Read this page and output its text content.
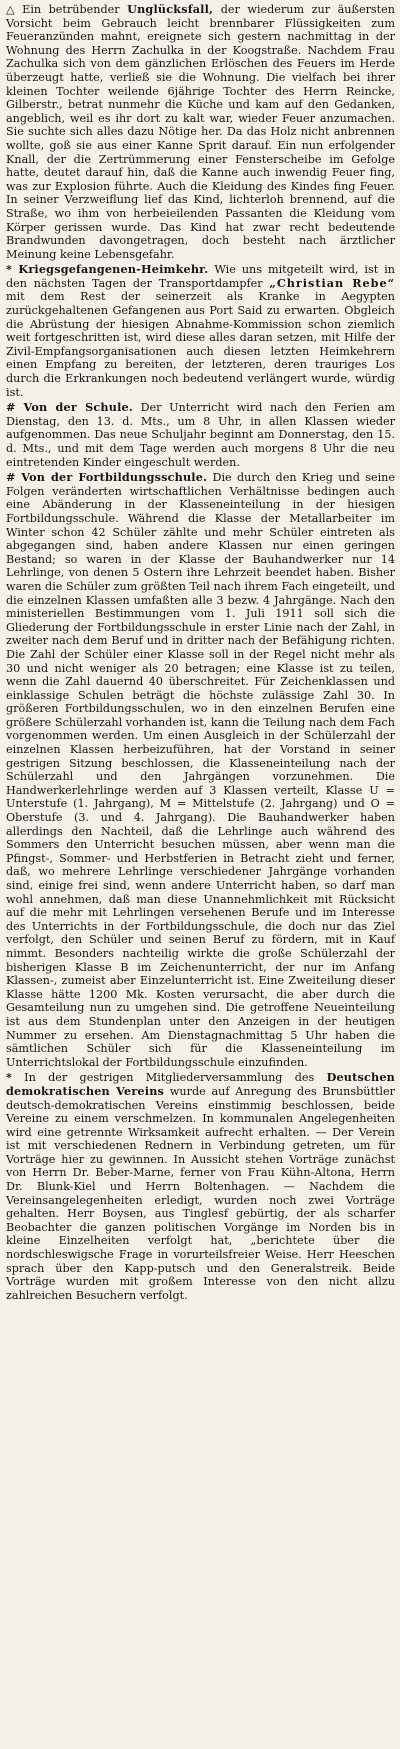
△ Ein betrübender Unglücksfall, der wiederum zur äußersten Vorsicht beim Gebrauch leicht brennbarer Flüssigkeiten zum Feueranzünden mahnt, ereignete sich gestern nachmittag in der Wohnung des Herrn Zachulka in der Koogstraße. Nachdem Frau Zachulka sich von dem gänzlichen Erlöschen des Feuers im Herde überzeugt hatte, verließ sie die Wohnung. Die vielfach bei ihrer kleinen Tochter weilende 6jährige Tochter des Herrn Reincke, Gilberstr., betrat nunmehr die Küche und kam auf den Gedanken, angeblich, weil es ihr dort zu kalt war, wieder Feuer anzumachen. Sie suchte sich alles dazu Nötige her. Da das Holz nicht anbrennen wollte, goß sie aus einer Kanne Sprit darauf. Ein nun erfolgender Knall, der die Zertrümmerung einer Fensterscheibe im Gefolge hatte, deutet darauf hin, daß die Kanne auch inwendig Feuer fing, was zur Explosion führte. Auch die Kleidung des Kindes fing Feuer. In seiner Verzweiflung lief das Kind, lichterloh brennend, auf die Straße, wo ihm von herbeieilenden Passanten die Kleidung vom Körper gerissen wurde. Das Kind hat zwar recht bedeutende Brandwunden davongetragen, doch besteht nach ärztlicher Meinung keine Lebensgefahr.

* Kriegsgefangenen-Heimkehr. Wie uns mitgeteilt wird, ist in den nächsten Tagen der Transportdampfer „Christian Rebe“ mit dem Rest der seinerzeit als Kranke in Aegypten zurückgehaltenen Gefangenen aus Port Said zu erwarten. Obgleich die Abrüstung der hiesigen Abnahme-Kommission schon ziemlich weit fortgeschritten ist, wird diese alles daran setzen, mit Hilfe der Zivil-Empfangsorganisationen auch diesen letzten Heimkehrern einen Empfang zu bereiten, der letzteren, deren trauriges Los durch die Erkrankungen noch bedeutend verlängert wurde, würdig ist.

# Von der Schule. Der Unterricht wird nach den Ferien am Dienstag, den 13. d. Mts., um 8 Uhr, in allen Klassen wieder aufgenommen. Das neue Schuljahr beginnt am Donnerstag, den 15. d. Mts., und mit dem Tage werden auch morgens 8 Uhr die neu eintretenden Kinder eingeschult werden.

# Von der Fortbildungsschule. Die durch den Krieg und seine Folgen veränderten wirtschaftlichen Verhältnisse bedingen auch eine Abänderung in der Klasseneinteilung in der hiesigen Fortbildungsschule. Während die Klasse der Metallarbeiter im Winter schon 42 Schüler zählte und mehr Schüler eintreten als abgegangen sind, haben andere Klassen nur einen geringen Bestand; so waren in der Klasse der Bauhandwerker nur 14 Lehrlinge, von denen 5 Ostern ihre Lehrzeit beendet haben. Bisher waren die Schüler zum größten Teil nach ihrem Fach eingeteilt, und die einzelnen Klassen umfaßten alle 3 bezw. 4 Jahrgänge. Nach den ministeriellen Bestimmungen vom 1. Juli 1911 soll sich die Gliederung der Fortbildungsschule in erster Linie nach der Zahl, in zweiter nach dem Beruf und in dritter nach der Befähigung richten. Die Zahl der Schüler einer Klasse soll in der Regel nicht mehr als 30 und nicht weniger als 20 betragen; eine Klasse ist zu teilen, wenn die Zahl dauernd 40 überschreitet. Für Zeichenklassen und einklassige Schulen beträgt die höchste zulässige Zahl 30. In größeren Fortbildungsschulen, wo in den einzelnen Berufen eine größere Schülerzahl vorhanden ist, kann die Teilung nach dem Fach vorgenommen werden. Um einen Ausgleich in der Schülerzahl der einzelnen Klassen herbeizuführen, hat der Vorstand in seiner gestrigen Sitzung beschlossen, die Klasseneinteilung nach der Schülerzahl und den Jahrgängen vorzunehmen. Die Handwerkerlehrlinge werden auf 3 Klassen verteilt, Klasse U = Unterstufe (1. Jahrgang), M = Mittelstufe (2. Jahrgang) und O = Oberstufe (3. und 4. Jahrgang). Die Bauhandwerker haben allerdings den Nachteil, daß die Lehrlinge auch während des Sommers den Unterricht besuchen müssen, aber wenn man die Pfingst-, Sommer- und Herbstferien in Betracht zieht und ferner, daß, wo mehrere Lehrlinge verschiedener Jahrgänge vorhanden sind, einige frei sind, wenn andere Unterricht haben, so darf man wohl annehmen, daß man diese Unannehmlichkeit mit Rücksicht auf die mehr mit Lehrlingen versehenen Berufe und im Interesse des Unterrichts in der Fortbildungsschule, die doch nur das Ziel verfolgt, den Schüler und seinen Beruf zu fördern, mit in Kauf nimmt. Besonders nachteilig wirkte die große Schülerzahl der bisherigen Klasse B im Zeichenunterricht, der nur im Anfang Klassen-, zumeist aber Einzelunterricht ist. Eine Zweiteilung dieser Klasse hätte 1200 Mk. Kosten verursacht, die aber durch die Gesamteilung nun zu umgehen sind. Die getroffene Neueinteilung ist aus dem Stundenplan unter den Anzeigen in der heutigen Nummer zu ersehen. Am Dienstagnachmittag 5 Uhr haben die sämtlichen Schüler sich für die Klasseneinteilung im Unterrichtslokal der Fortbildungsschule einzufinden.

* In der gestrigen Mitgliederversammlung des Deutschen demokratischen Vereins wurde auf Anregung des Brunsbüttler deutsch-demokratischen Vereins einstimmig beschlossen, beide Vereine zu einem verschmelzen. In kommunalen Angelegenheiten wird eine getrennte Wirksamkeit aufrecht erhalten. — Der Verein ist mit verschiedenen Rednern in Verbindung getreten, um für Vorträge hier zu gewinnen. In Aussicht stehen Vorträge zunächst von Herrn Dr. Beber-Marne, ferner von Frau Kühn-Altona, Herrn Dr. Blunk-Kiel und Herrn Boltenhagen. — Nachdem die Vereinsangelegenheiten erledigt, wurden noch zwei Vorträge gehalten. Herr Boysen, aus Tinglesf gebürtig, der als scharfer Beobachter die ganzen politischen Vorgänge im Norden bis in kleine Einzelheiten verfolgt hat, „berichtete über die nordschleswigsche Frage in vorurteilsfreier Weise. Herr Heeschen sprach über den Kapp-putsch und den Generalstreik. Beide Vorträge wurden mit großem Interesse von den nicht allzu zahlreichen Besuchern verfolgt.
